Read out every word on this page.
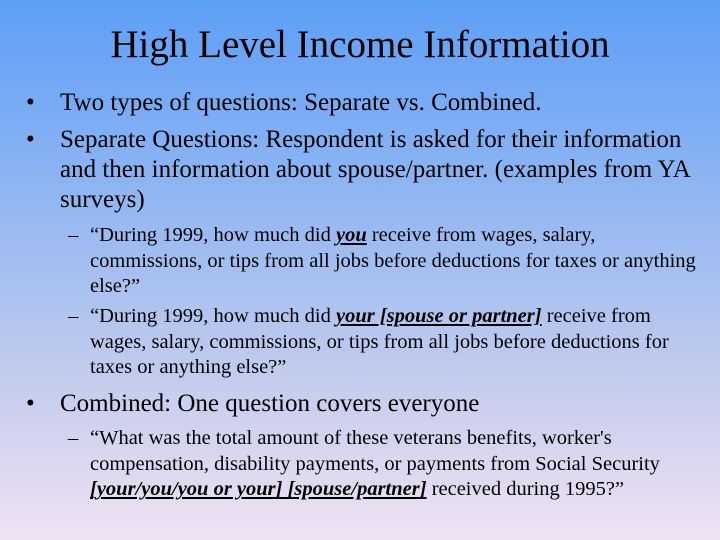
High Level Income Information
• Two types of questions: Separate vs. Combined.
• Separate Questions: Respondent is asked for their information and then information about spouse/partner. (examples from YA surveys)
– “During 1999, how much did you receive from wages, salary, commissions, or tips from all jobs before deductions for taxes or anything else?”
– “During 1999, how much did your [spouse or partner] receive from wages, salary, commissions, or tips from all jobs before deductions for taxes or anything else?”
• Combined: One question covers everyone
– “What was the total amount of these veterans benefits, worker's compensation, disability payments, or payments from Social Security [your/you/you or your] [spouse/partner] received during 1995?”
